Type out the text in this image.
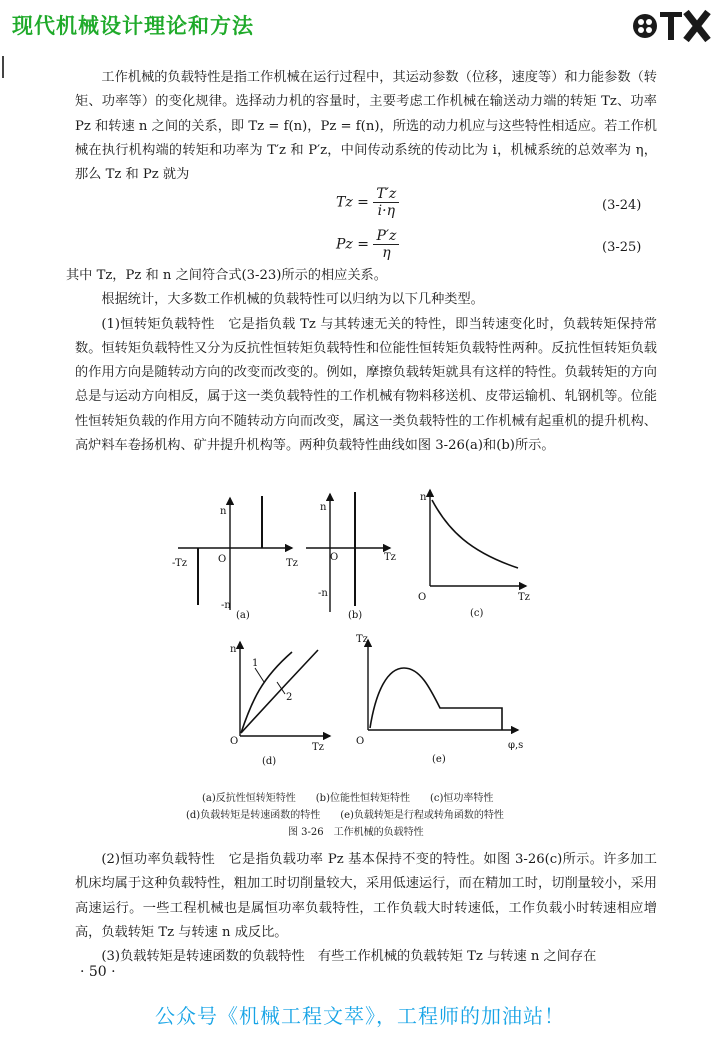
现代机械设计理论和方法

工作机械的负载特性是指工作机械在运行过程中，其运动参数（位移，速度等）和力能参数（转矩、功率等）的变化规律。选择动力机的容量时，主要考虑工作机械在输送动力端的转矩 Tz、功率 Pz 和转速 n 之间的关系，即 Tz = f(n)，Pz = f(n)，所选的动力机应与这些特性相适应。若工作机械在执行机构端的转矩和功率为 T′z 和 P′z，中间传动系统的传动比为 i，机械系统的总效率为 η，那么 Tz 和 Pz 就为

$Tz = \frac{T'z}{i\cdot\eta}$	(3-24)
$Pz = \frac{P'z}{\eta}$	(3-25)

其中 Tz，Pz 和 n 之间符合式(3-23)所示的相应关系。

根据统计，大多数工作机械的负载特性可以归纳为以下几种类型。

(1)恒转矩负载特性　它是指负载 Tz 与其转速无关的特性，即当转速变化时，负载转矩保持常数。恒转矩负载特性又分为反抗性恒转矩负载特性和位能性恒转矩负载特性两种。反抗性恒转矩负载的作用方向是随转动方向的改变而改变的。例如，摩擦负载转矩就具有这样的特性。负载转矩的方向总是与运动方向相反，属于这一类负载特性的工作机械有物料移送机、皮带运输机、轧钢机等。位能性恒转矩负载的作用方向不随转动方向而改变，属这一类负载特性的工作机械有起重机的提升机构、高炉料车卷扬机构、矿井提升机构等。两种负载特性曲线如图 3-26(a)和(b)所示。

n
-n
-Tz	Tz
O
(a)
n
-n
Tz
O
(b)
n
Tz
O
(c)
n
Tz
O
1
2
(d)
Tz
φ,s
O
(e)
(a)反抗性恒转矩特性　　(b)位能性恒转矩特性　　(c)恒功率特性
(d)负载转矩是转速函数的特性　　(e)负载转矩是行程或转角函数的特性
图 3-26　工作机械的负载特性

(2)恒功率负载特性　它是指负载功率 Pz 基本保持不变的特性。如图 3-26(c)所示。许多加工机床均属于这种负载特性，粗加工时切削量较大，采用低速运行，而在精加工时，切削量较小，采用高速运行。一些工程机械也是属恒功率负载特性，工作负载大时转速低，工作负载小时转速相应增高，负载转矩 Tz 与转速 n 成反比。

(3)负载转矩是转速函数的负载特性　有些工作机械的负载转矩 Tz 与转速 n 之间存在

· 50 ·
公众号《机械工程文萃》，工程师的加油站！
